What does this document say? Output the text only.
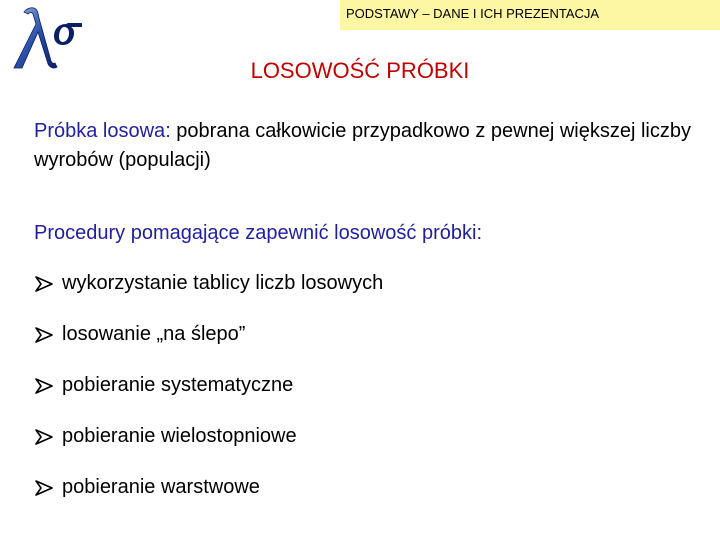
PODSTAWY – DANE I ICH PREZENTACJA
LOSOWOŚĆ PRÓBKI
Próbka losowa: pobrana całkowicie przypadkowo z pewnej większej liczby wyrobów (populacji)
Procedury pomagające zapewnić losowość próbki:
wykorzystanie tablicy liczb losowych
losowanie „na ślepo”
pobieranie systematyczne
pobieranie wielostopniowe
pobieranie warstwowe
